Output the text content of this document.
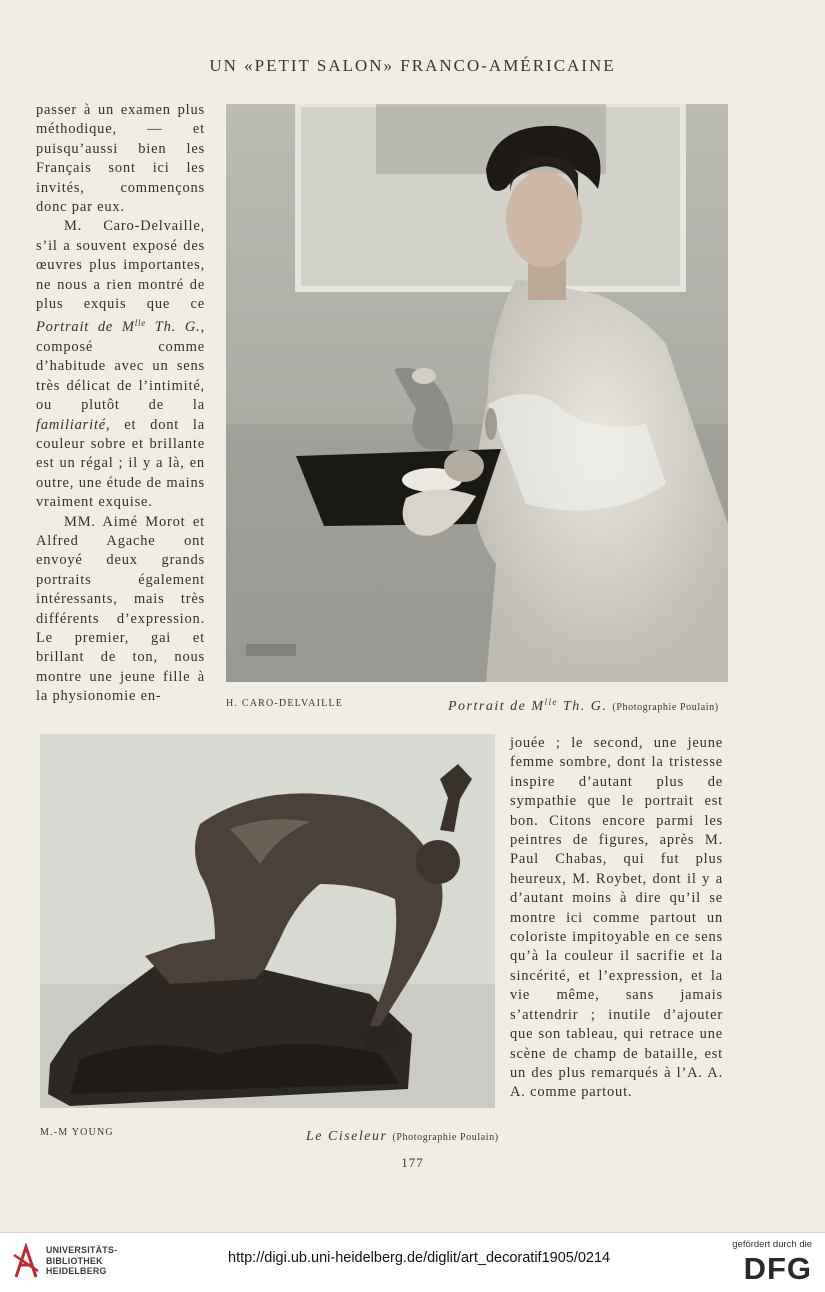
UN «PETIT SALON» FRANCO-AMÉRICAINE

passer à un examen plus méthodique, — et puisqu’aussi bien les Français sont ici les invités, commençons donc par eux.

M. Caro-Delvaille, s’il a souvent exposé des œuvres plus importantes, ne nous a rien montré de plus exquis que ce Portrait de $M^{lle}$ Th. G., composé comme d’habitude avec un sens très délicat de l’intimité, ou plutôt de la familiarité, et dont la couleur sobre et brillante est un régal ; il y a là, en outre, une étude de mains vraiment exquise.

MM. Aimé Morot et Alfred Agache ont envoyé deux grands portraits également intéressants, mais très différents d’expression. Le premier, gai et brillant de ton, nous montre une jeune fille à la physionomie en-	H. CARO-DELVAILLE	Portrait de $M^{lle}$ Th. G. (Photographie Poulain)
M.-M YOUNG	Le Ciseleur (Photographie Poulain)

jouée ; le second, une jeune femme sombre, dont la tristesse inspire d’autant plus de sympathie que le portrait est bon. Citons encore parmi les peintres de figures, après M. Paul Chabas, qui fut plus heureux, M. Roybet, dont il y a d’autant moins à dire qu’il se montre ici comme partout un coloriste impitoyable en ce sens qu’à la couleur il sacrifie et la sincérité, et l’expression, et la vie même, sans jamais s’attendrir ; inutile d’ajouter que son tableau, qui retrace une scène de champ de bataille, est un des plus remarqués à l’A. A. A. comme partout.

177
UNIVERSITÄTS-
BIBLIOTHEK
HEIDELBERG
http://digi.ub.uni-heidelberg.de/diglit/art_decoratif1905/0214
gefördert durch die
DFG
